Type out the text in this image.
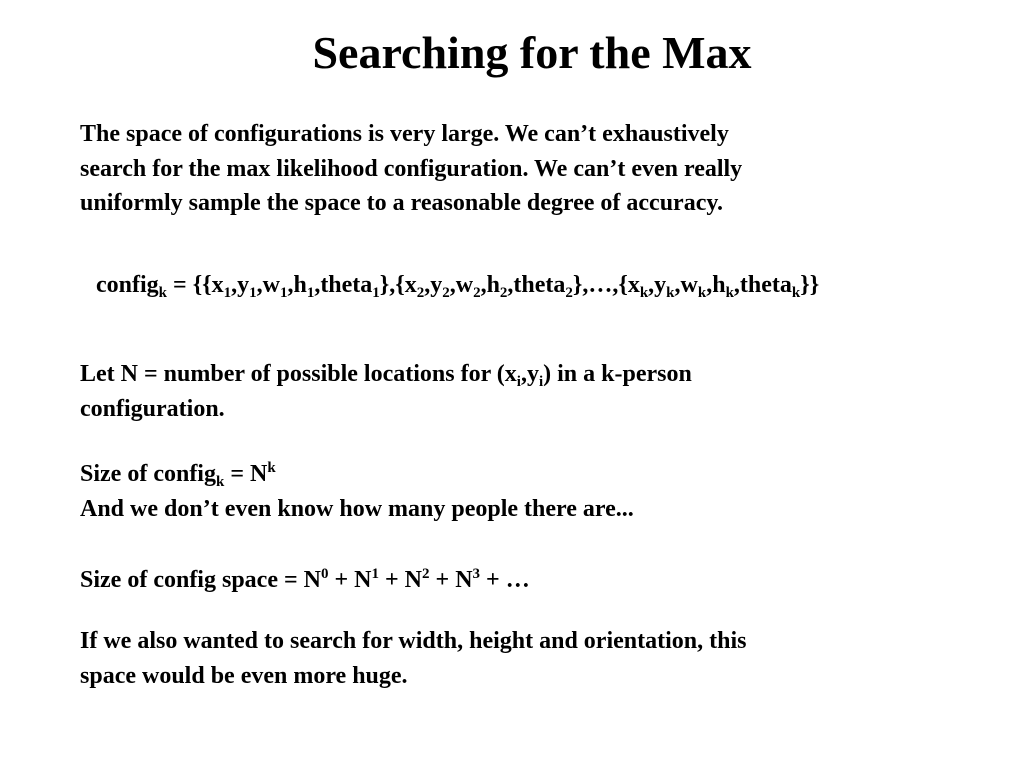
Searching for the Max
The space of configurations is very large. We can’t exhaustively
search for the max likelihood configuration. We can’t even really
uniformly sample the space to a reasonable degree of accuracy.
config$_k$ = $\{\{x_1,y_1,w_1,h_1,theta_1\},\{x_2,y_2,w_2,h_2,theta_2\},\dots,\{x_k,y_k,w_k,h_k,theta_k\}\}$
Let N = number of possible locations for $(x_i,y_i)$ in a k-person
configuration.
Size of config$_k$ = $N^k$
And we don’t even know how many people there are...
Size of config space = $N^0 + N^1 + N^2 + N^3$ + …
If we also wanted to search for width, height and orientation, this
space would be even more huge.
